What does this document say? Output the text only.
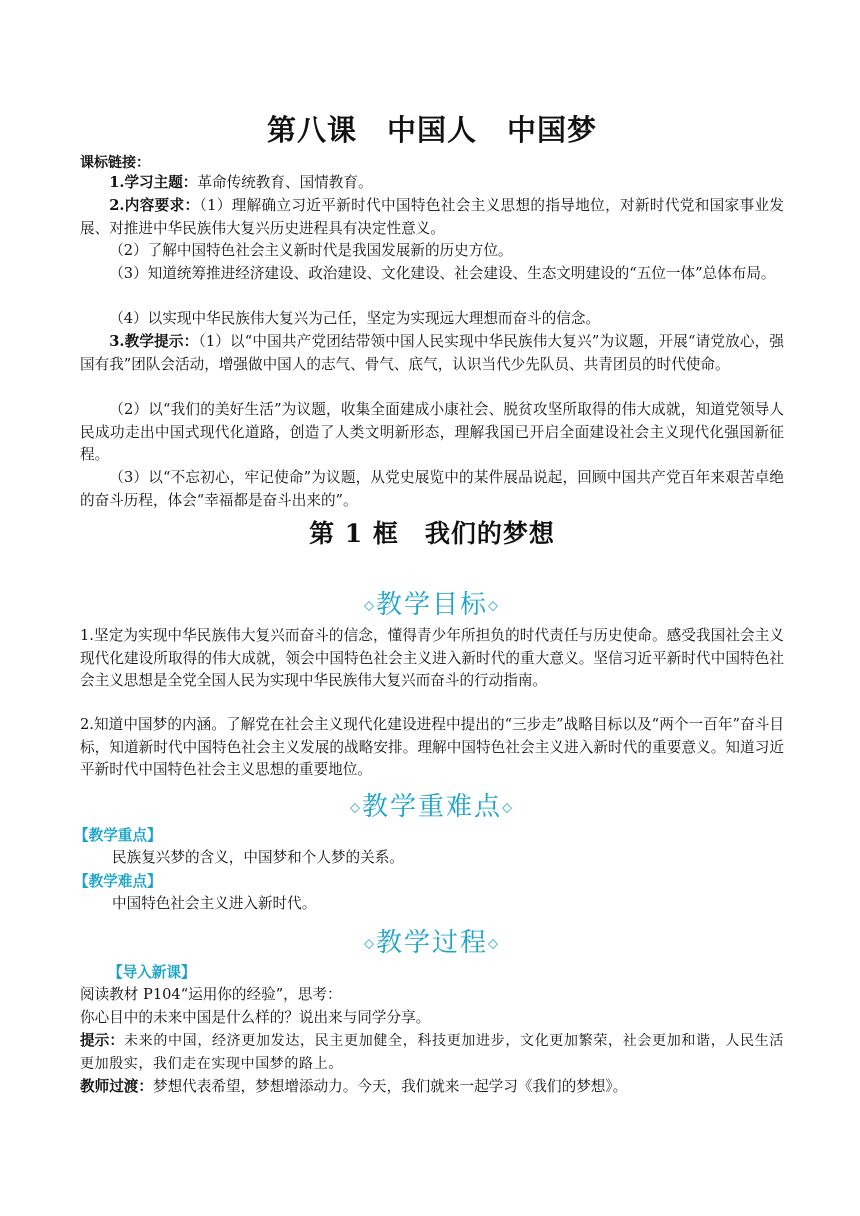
第八课　中国人　中国梦
课标链接：

1.学习主题：革命传统教育、国情教育。

2.内容要求：（1）理解确立习近平新时代中国特色社会主义思想的指导地位，对新时代党和国家事业发展、对推进中华民族伟大复兴历史进程具有决定性意义。

（2）了解中国特色社会主义新时代是我国发展新的历史方位。

（3）知道统筹推进经济建设、政治建设、文化建设、社会建设、生态文明建设的“五位一体”总体布局。

（4）以实现中华民族伟大复兴为己任，坚定为实现远大理想而奋斗的信念。

3.教学提示：（1）以“中国共产党团结带领中国人民实现中华民族伟大复兴”为议题，开展“请党放心，强国有我”团队会活动，增强做中国人的志气、骨气、底气，认识当代少先队员、共青团员的时代使命。

（2）以“我们的美好生活”为议题，收集全面建成小康社会、脱贫攻坚所取得的伟大成就，知道党领导人民成功走出中国式现代化道路，创造了人类文明新形态，理解我国已开启全面建设社会主义现代化强国新征程。

（3）以“不忘初心，牢记使命”为议题，从党史展览中的某件展品说起，回顾中国共产党百年来艰苦卓绝的奋斗历程，体会“幸福都是奋斗出来的”。

第 1 框　我们的梦想
◇教学目标◇

1.坚定为实现中华民族伟大复兴而奋斗的信念，懂得青少年所担负的时代责任与历史使命。感受我国社会主义现代化建设所取得的伟大成就，领会中国特色社会主义进入新时代的重大意义。坚信习近平新时代中国特色社会主义思想是全党全国人民为实现中华民族伟大复兴而奋斗的行动指南。

2.知道中国梦的内涵。了解党在社会主义现代化建设进程中提出的“三步走”战略目标以及“两个一百年”奋斗目标，知道新时代中国特色社会主义发展的战略安排。理解中国特色社会主义进入新时代的重要意义。知道习近平新时代中国特色社会主义思想的重要地位。

◇教学重难点◇
【教学重点】
民族复兴梦的含义，中国梦和个人梦的关系。
【教学难点】
中国特色社会主义进入新时代。
◇教学过程◇
【导入新课】
阅读教材 P104“运用你的经验”，思考：
你心目中的未来中国是什么样的？说出来与同学分享。

提示：未来的中国，经济更加发达，民主更加健全，科技更加进步，文化更加繁荣，社会更加和谐，人民生活更加殷实，我们走在实现中国梦的路上。

教师过渡：梦想代表希望，梦想增添动力。今天，我们就来一起学习《我们的梦想》。
